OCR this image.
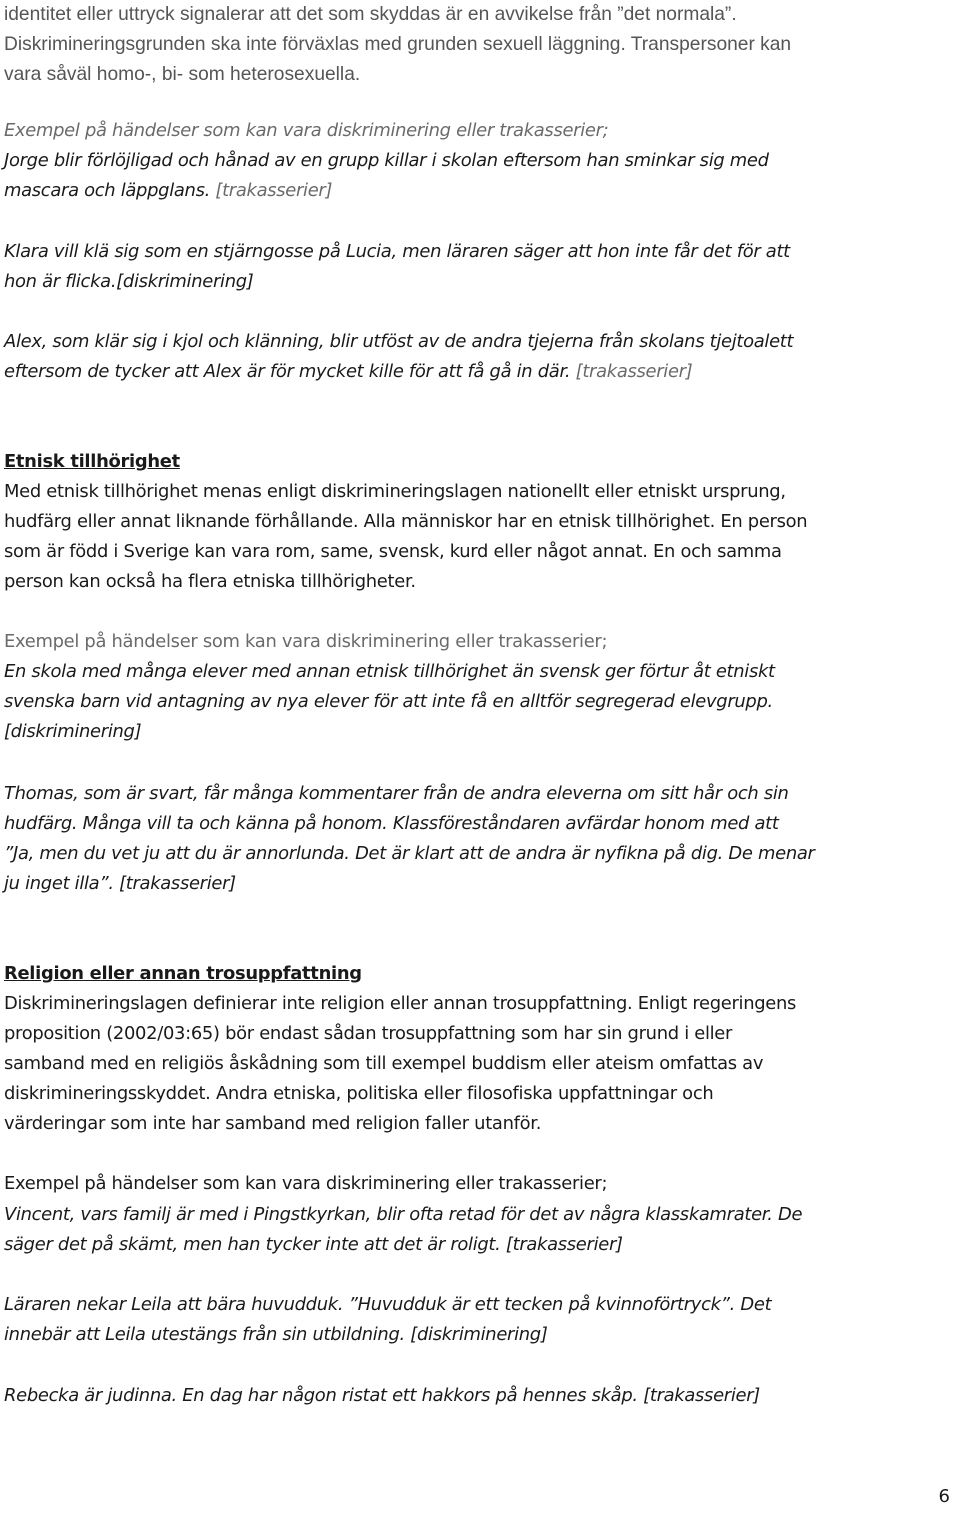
identitet eller uttryck signalerar att det som skyddas är en avvikelse från ”det normala”.
Diskrimineringsgrunden ska inte förväxlas med grunden sexuell läggning. Transpersoner kan
vara såväl homo-, bi- som heterosexuella.
Exempel på händelser som kan vara diskriminering eller trakasserier;
Jorge blir förlöjligad och hånad av en grupp killar i skolan eftersom han sminkar sig med
mascara och läppglans. [trakasserier]
Klara vill klä sig som en stjärngosse på Lucia, men läraren säger att hon inte får det för att
hon är flicka.[diskriminering]
Alex, som klär sig i kjol och klänning, blir utföst av de andra tjejerna från skolans tjejtoalett
eftersom de tycker att Alex är för mycket kille för att få gå in där. [trakasserier]
Etnisk tillhörighet
Med etnisk tillhörighet menas enligt diskrimineringslagen nationellt eller etniskt ursprung,
hudfärg eller annat liknande förhållande. Alla människor har en etnisk tillhörighet. En person
som är född i Sverige kan vara rom, same, svensk, kurd eller något annat. En och samma
person kan också ha flera etniska tillhörigheter.
Exempel på händelser som kan vara diskriminering eller trakasserier;
En skola med många elever med annan etnisk tillhörighet än svensk ger förtur åt etniskt
svenska barn vid antagning av nya elever för att inte få en alltför segregerad elevgrupp.
[diskriminering]
Thomas, som är svart, får många kommentarer från de andra eleverna om sitt hår och sin
hudfärg. Många vill ta och känna på honom. Klassföreståndaren avfärdar honom med att
”Ja, men du vet ju att du är annorlunda. Det är klart att de andra är nyfikna på dig. De menar
ju inget illa”. [trakasserier]
Religion eller annan trosuppfattning
Diskrimineringslagen definierar inte religion eller annan trosuppfattning. Enligt regeringens
proposition (2002/03:65) bör endast sådan trosuppfattning som har sin grund i eller
samband med en religiös åskådning som till exempel buddism eller ateism omfattas av
diskrimineringsskyddet. Andra etniska, politiska eller filosofiska uppfattningar och
värderingar som inte har samband med religion faller utanför.
Exempel på händelser som kan vara diskriminering eller trakasserier;
Vincent, vars familj är med i Pingstkyrkan, blir ofta retad för det av några klasskamrater. De
säger det på skämt, men han tycker inte att det är roligt. [trakasserier]
Läraren nekar Leila att bära huvudduk. ”Huvudduk är ett tecken på kvinnoförtryck”. Det
innebär att Leila utestängs från sin utbildning. [diskriminering]
Rebecka är judinna. En dag har någon ristat ett hakkors på hennes skåp. [trakasserier]
6
